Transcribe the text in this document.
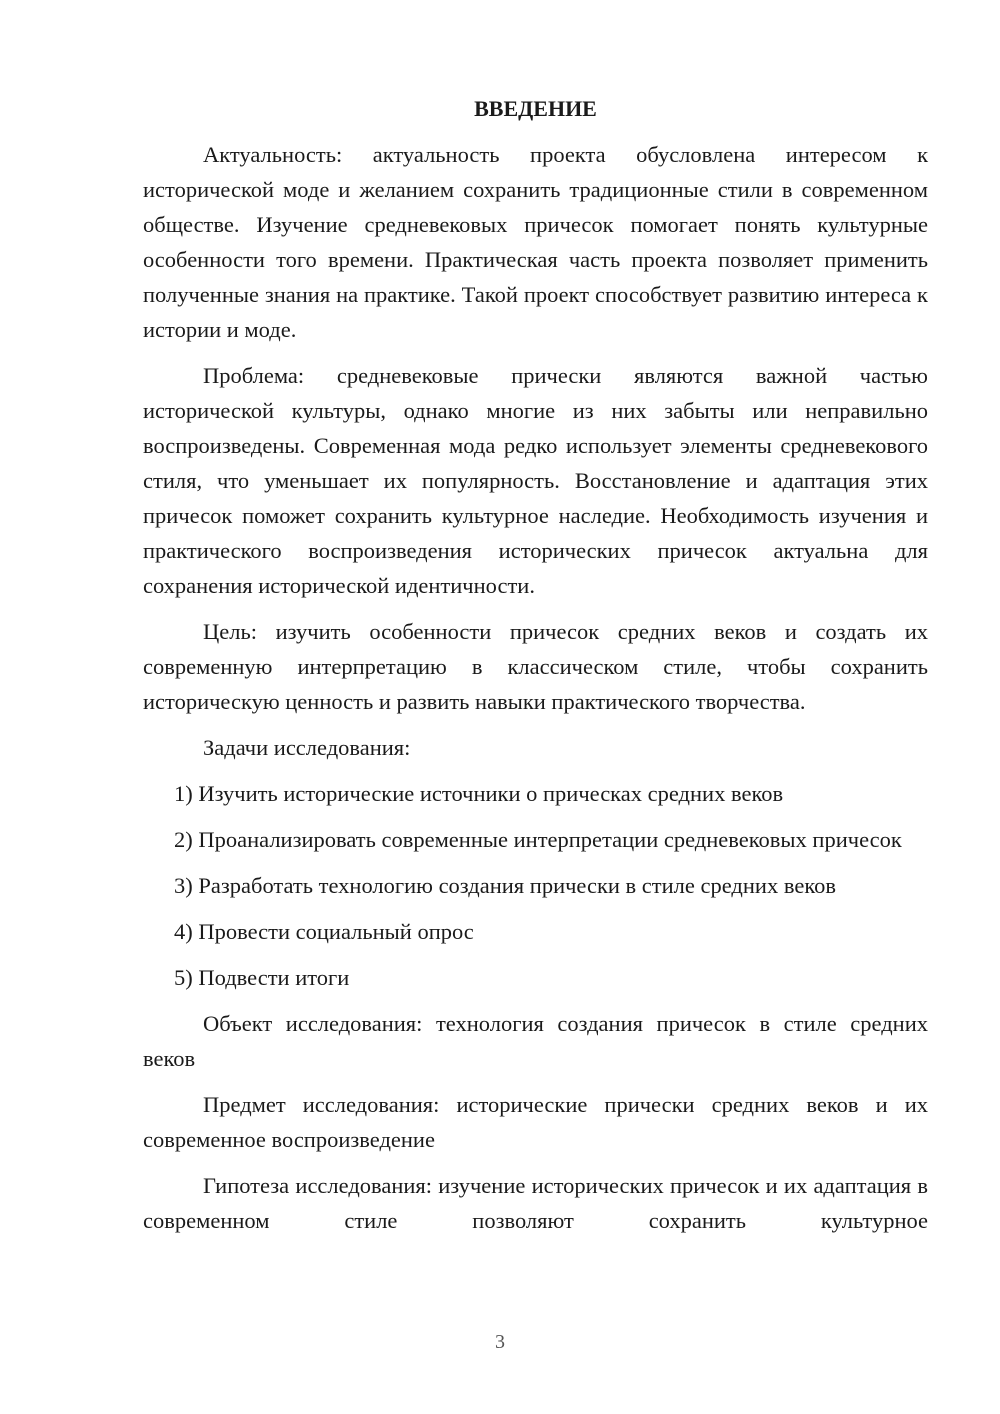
ВВЕДЕНИЕ

Актуальность: актуальность проекта обусловлена интересом к исторической моде и желанием сохранить традиционные стили в современном обществе. Изучение средневековых причесок помогает понять культурные особенности того времени. Практическая часть проекта позволяет применить полученные знания на практике. Такой проект способствует развитию интереса к истории и моде.

Проблема: средневековые прически являются важной частью исторической культуры, однако многие из них забыты или неправильно воспроизведены. Современная мода редко использует элементы средневекового стиля, что уменьшает их популярность. Восстановление и адаптация этих причесок поможет сохранить культурное наследие. Необходимость изучения и практического воспроизведения исторических причесок актуальна для сохранения исторической идентичности.

Цель: изучить особенности причесок средних веков и создать их современную интерпретацию в классическом стиле, чтобы сохранить историческую ценность и развить навыки практического творчества.

Задачи исследования:

1) Изучить исторические источники о прическах средних веков

2) Проанализировать современные интерпретации средневековых причесок

3) Разработать технологию создания прически в стиле средних веков

4) Провести социальный опрос

5) Подвести итоги

Объект исследования: технология создания причесок в стиле средних веков

Предмет исследования: исторические прически средних веков и их современное воспроизведение

Гипотеза исследования: изучение исторических причесок и их адаптация в современном стиле позволяют сохранить культурное

3
